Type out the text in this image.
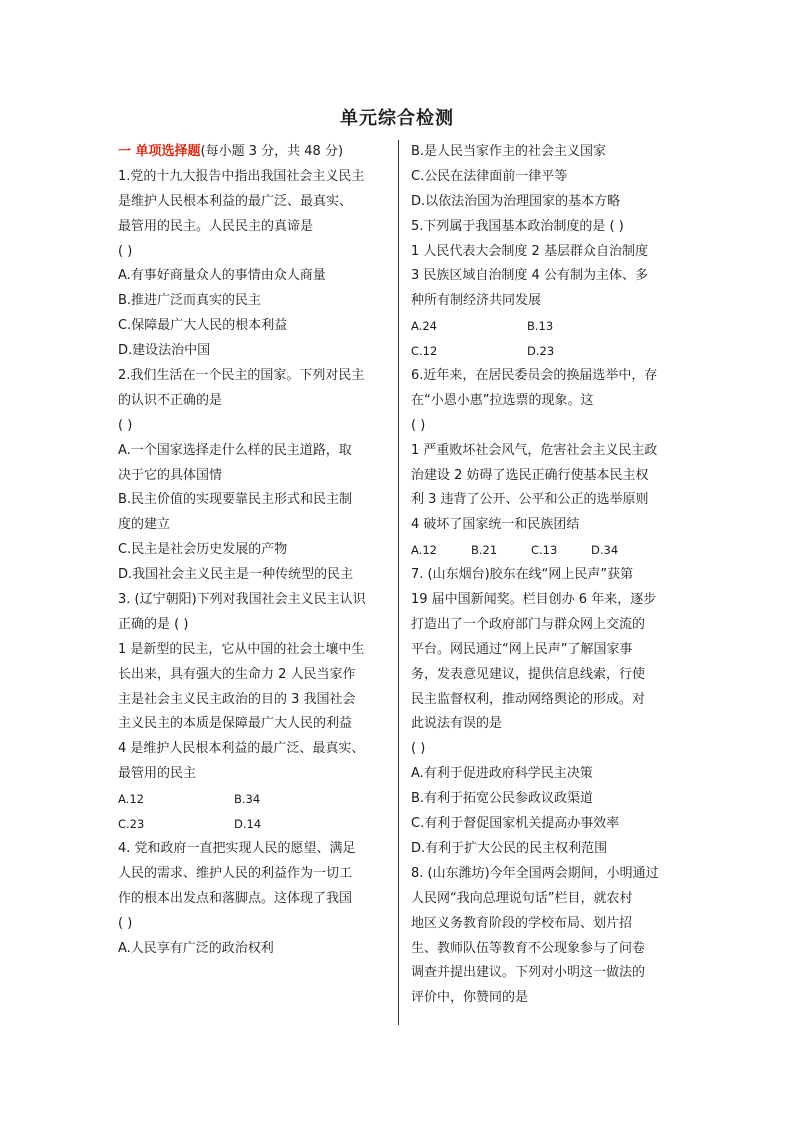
单元综合检测
一 单项选择题(每小题 3 分，共 48 分)
1.党的十九大报告中指出我国社会主义民主
是维护人民根本利益的最广泛、最真实、
最管用的民主。人民民主的真谛是
( )
A.有事好商量众人的事情由众人商量
B.推进广泛而真实的民主
C.保障最广大人民的根本利益
D.建设法治中国
2.我们生活在一个民主的国家。下列对民主
的认识不正确的是
( )
A.一个国家选择走什么样的民主道路，取
决于它的具体国情
B.民主价值的实现要靠民主形式和民主制
度的建立
C.民主是社会历史发展的产物
D.我国社会主义民主是一种传统型的民主
3. (辽宁朝阳)下列对我国社会主义民主认识
正确的是 ( )
1 是新型的民主，它从中国的社会土壤中生
长出来，具有强大的生命力 2 人民当家作
主是社会主义民主政治的目的 3 我国社会
主义民主的本质是保障最广大人民的利益
4 是维护人民根本利益的最广泛、最真实、
最管用的民主
A.12	B.34
C.23	D.14
4. 党和政府一直把实现人民的愿望、满足
人民的需求、维护人民的利益作为一切工
作的根本出发点和落脚点。这体现了我国
( )
A.人民享有广泛的政治权利
B.是人民当家作主的社会主义国家
C.公民在法律面前一律平等
D.以依法治国为治理国家的基本方略
5.下列属于我国基本政治制度的是 ( )
1 人民代表大会制度 2 基层群众自治制度
3 民族区域自治制度 4 公有制为主体、多
种所有制经济共同发展
A.24	B.13
C.12	D.23
6.近年来，在居民委员会的换届选举中，存
在“小恩小惠”拉选票的现象。这
( )
1 严重败坏社会风气，危害社会主义民主政
治建设 2 妨碍了选民正确行使基本民主权
利 3 违背了公开、公平和公正的选举原则
4 破坏了国家统一和民族团结
A.12	B.21	C.13	D.34
7. (山东烟台)胶东在线“网上民声”获第
19 届中国新闻奖。栏目创办 6 年来，逐步
打造出了一个政府部门与群众网上交流的
平台。网民通过“网上民声”了解国家事
务，发表意见建议，提供信息线索，行使
民主监督权利，推动网络舆论的形成。对
此说法有误的是
( )
A.有利于促进政府科学民主决策
B.有利于拓宽公民参政议政渠道
C.有利于督促国家机关提高办事效率
D.有利于扩大公民的民主权利范围
8. (山东潍坊)今年全国两会期间，小明通过
人民网“我向总理说句话”栏目，就农村
地区义务教育阶段的学校布局、划片招
生、教师队伍等教育不公现象参与了问卷
调查并提出建议。下列对小明这一做法的
评价中，你赞同的是
